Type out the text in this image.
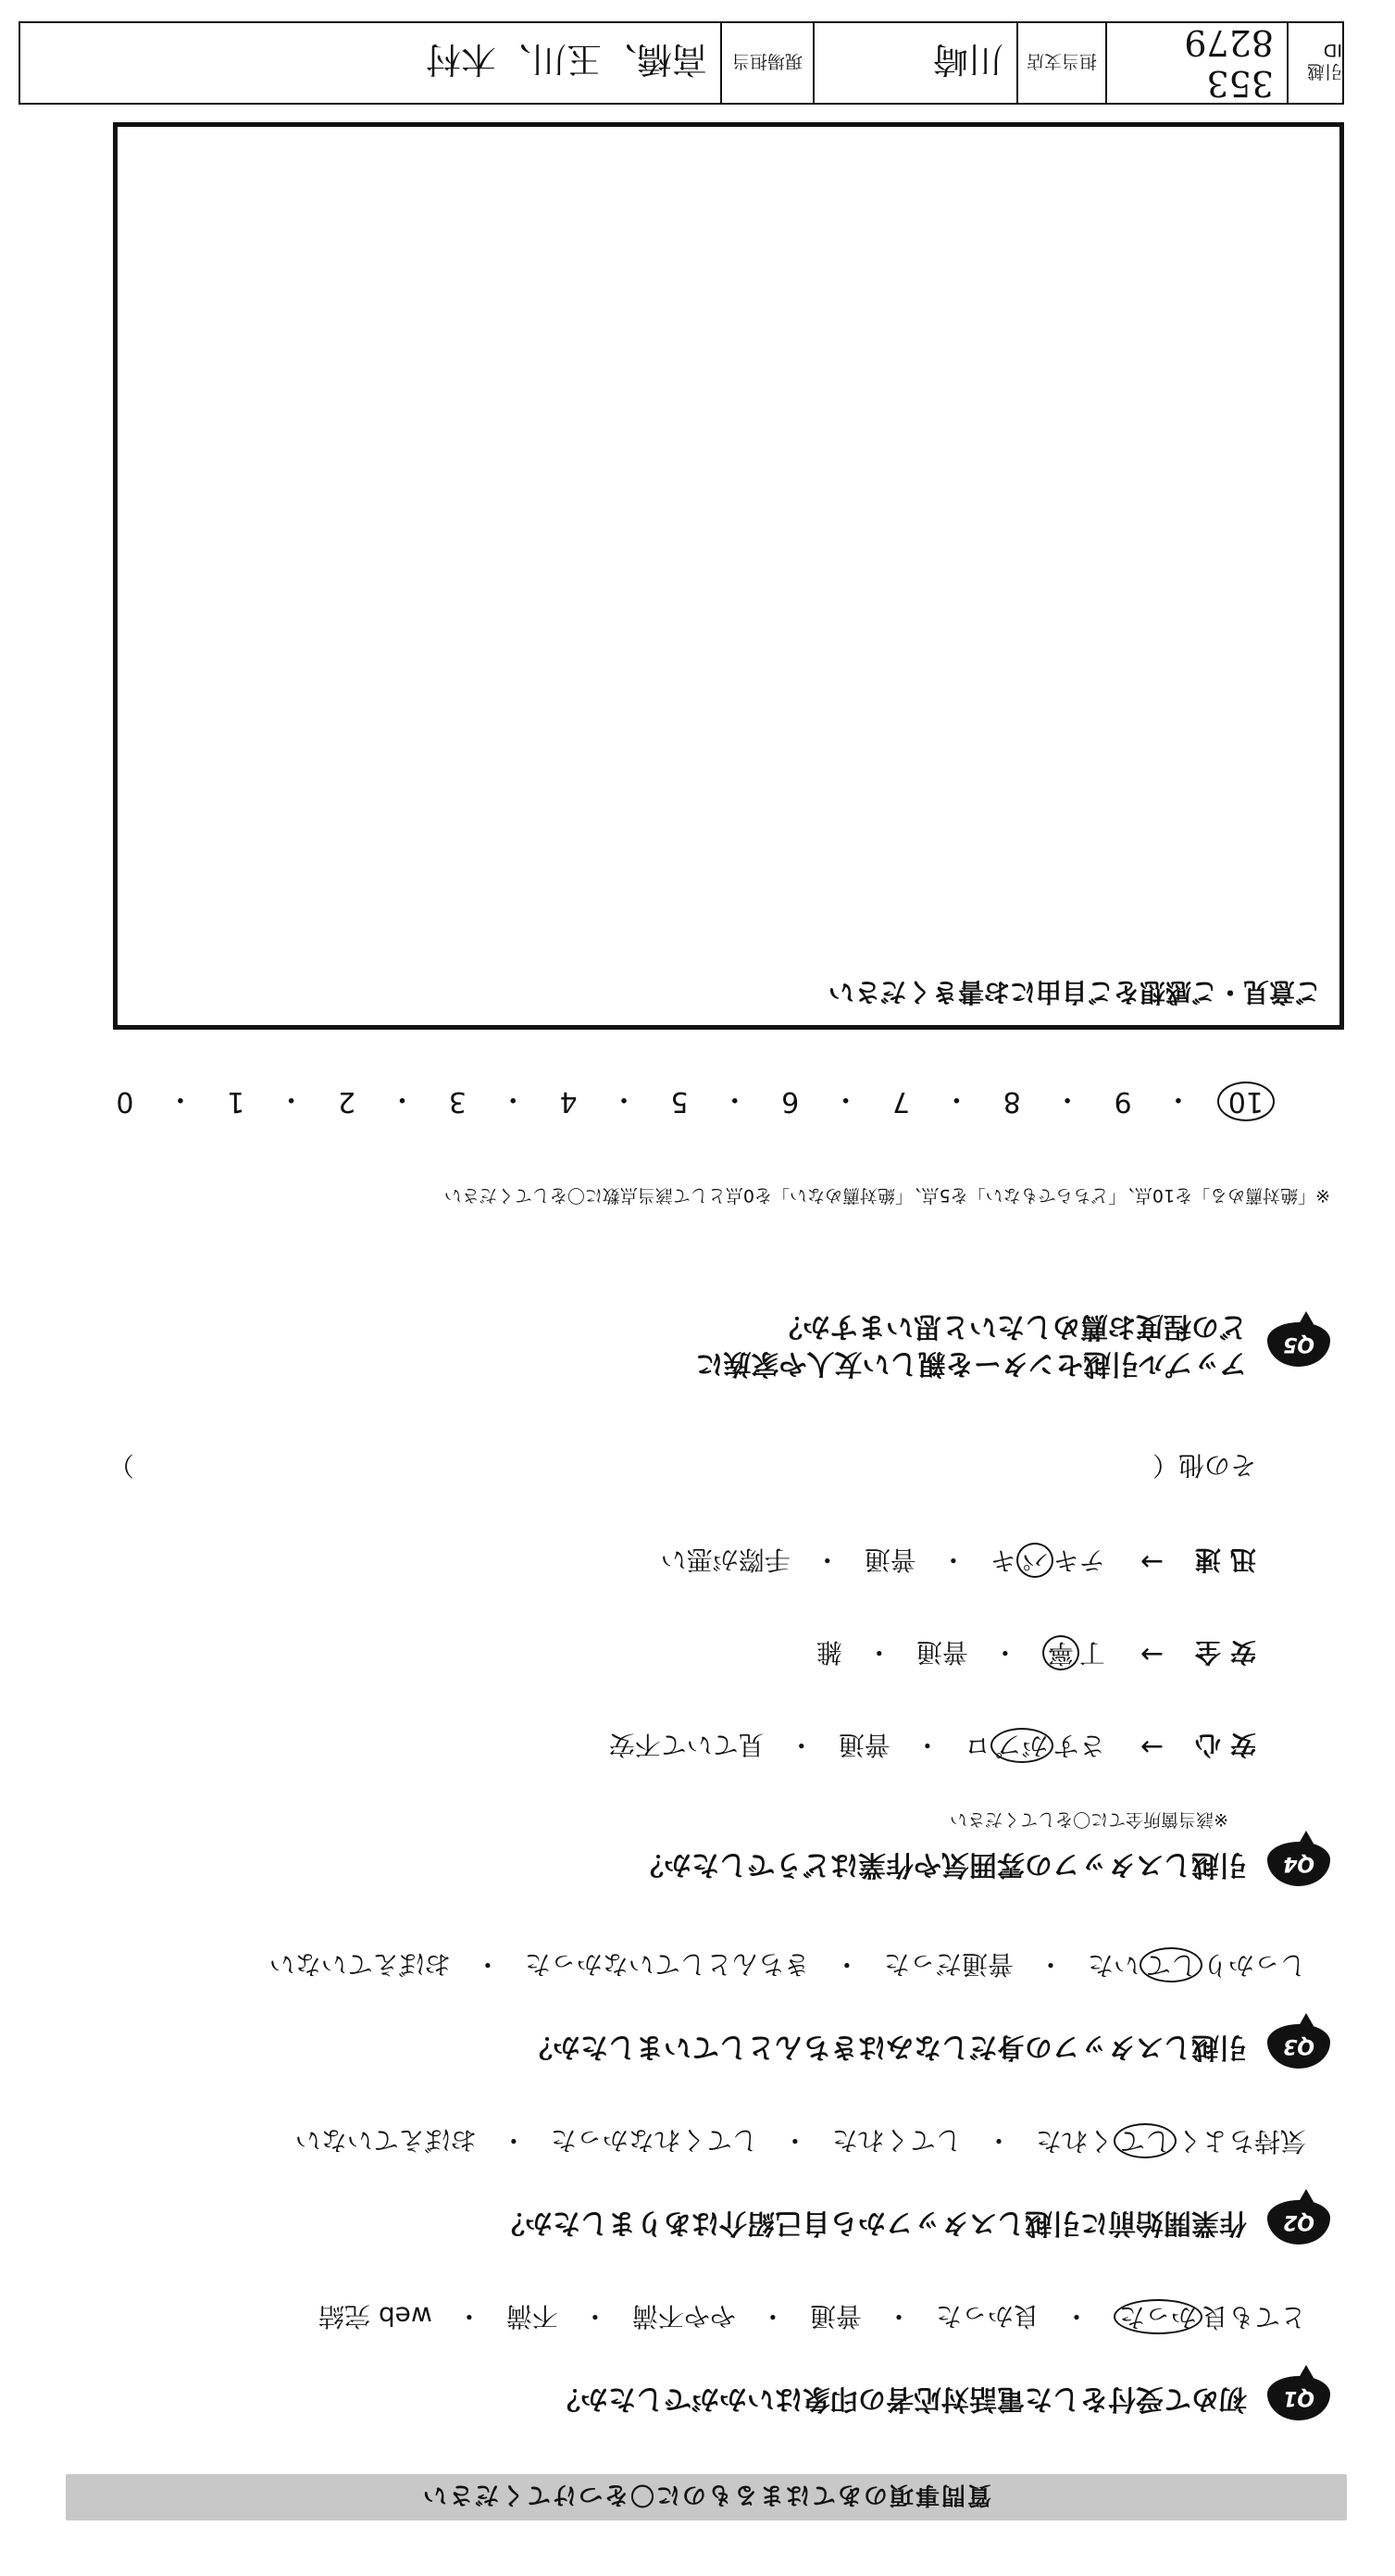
質問事項のあてはまるものに〇をつけてください
Q1
初めて受付をした電話対応者の印象はいかがでしたか？
とても良かった
・
良かった
・
普通
・
やや不満
・
不満
・
web 完結
Q2
作業開始前に引越しスタッフから自己紹介はありましたか？
気持ちよくしてくれた
・
してくれた
・
してくれなかった
・
おぼえていない
Q3
引越しスタッフの身だしなみはきちんとしていましたか？
しっかりしていた
・
普通だった
・
きちんとしていなかった
・
おぼえていない
Q4
引越しスタッフの雰囲気や作業はどうでしたか？
※該当箇所全てに〇をしてください
安心
→
さすがプロ
・
普通
・
見ていて不安
安全
→
丁寧
・
普通
・
雑
迅速
→
テキパキ
・
普通
・
手際が悪い
その他（
）
Q5
アップル引越センターを親しい友人や家族に
どの程度お薦めしたいと思いますか？
※「絶対薦める」を10点、「どちらでもない」を5点、「絶対薦めない」を0点として該当点数に〇をしてください
10
・
9
・
8
・
7
・
6
・
5
・
4
・
3
・
2
・
1
・
0
ご意見・ご感想をご自由にお書きください
引越 ID
353 8279
担当支店
川崎
現場担当
高橋、玉川、木村
